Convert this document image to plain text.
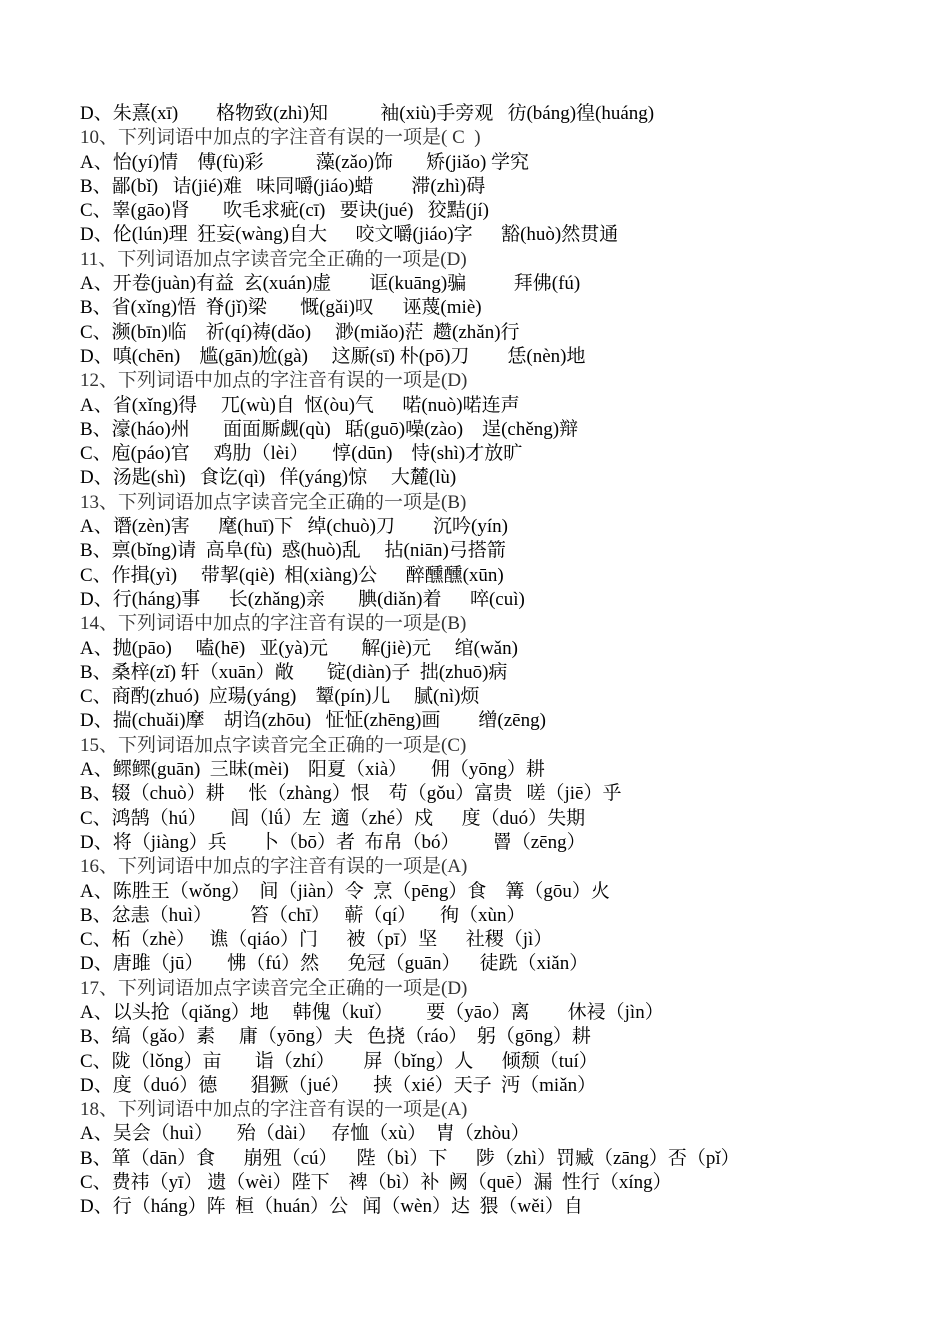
D、朱熹(xī)        格物致(zhì)知           袖(xiù)手旁观   彷(báng)徨(huáng)
10、下列词语中加点的字注音有误的一项是( C  )
A、怡(yí)情    傅(fù)彩           藻(zǎo)饰       矫(jiǎo) 学究
B、鄙(bǐ)   诘(jié)难   味同嚼(jiáo)蜡        滞(zhì)碍
C、睾(gāo)肾       吹毛求疵(cī)   要诀(jué)   狡黠(jí)
D、伦(lún)理  狂妄(wàng)自大      咬文嚼(jiáo)字      豁(huò)然贯通
11、下列词语加点字读音完全正确的一项是(D)
A、开卷(juàn)有益  玄(xuán)虚        诓(kuāng)骗          拜佛(fú)
B、省(xǐng)悟  脊(jǐ)梁       慨(gǎi)叹      诬蔑(miè)
C、濒(bīn)临    祈(qí)祷(dǎo)     渺(miǎo)茫  趱(zhǎn)行
D、嗔(chēn)    尴(gān)尬(gà)     这厮(sī) 朴(pō)刀        恁(nèn)地
12、下列词语中加点的字注音有误的一项是(D)
A、省(xǐng)得     兀(wù)自  怄(òu)气      喏(nuò)喏连声
B、濠(háo)州       面面厮觑(qù)   聒(guō)噪(zào)    逞(chěng)辩
C、庖(páo)官     鸡肋（lèi）     惇(dūn)    恃(shì)才放旷
D、汤匙(shì)   食讫(qì)   佯(yáng)惊     大麓(lù)
13、下列词语加点字读音完全正确的一项是(B)
A、谮(zèn)害      麾(huī)下   绰(chuò)刀        沉吟(yín)
B、禀(bǐng)请  高阜(fù)  惑(huò)乱     拈(niān)弓搭箭
C、作揖(yì)     带挈(qiè)  相(xiàng)公      醉醺醺(xūn)
D、行(háng)事      长(zhǎng)亲       腆(diǎn)着      啐(cuì)
14、下列词语中加点的字注音有误的一项是(B)
A、抛(pāo)     嗑(hē)   亚(yà)元       解(jiè)元     绾(wǎn)
B、桑梓(zǐ) 轩（xuān）敞       锭(diàn)子  拙(zhuō)病
C、商酌(zhuó)  应瑒(yáng)    颦(pín)儿     腻(nì)烦
D、揣(chuǎi)摩    胡诌(zhōu)   怔怔(zhēng)画        缯(zēng)
15、下列词语加点字读音完全正确的一项是(C)
A、鳏鳏(guān)  三昧(mèi)    阳夏（xià）     佣（yōng）耕
B、辍（chuò）耕     怅（zhàng）恨    苟（gǒu）富贵   嗟（jiē）乎
C、鸿鹄（hú）     闾（lǘ）左  適（zhé）戍      度（duó）失期
D、将（jiàng）兵       卜（bō）者  布帛（bó）       罾（zēng）
16、下列词语中加点的字注音有误的一项是(A)
A、陈胜王（wǒng）  间（jiàn）令  烹（pēng）食    篝（gōu）火
B、忿恚（huì）        笞（chī）   蕲（qí）     徇（xùn）
C、柘（zhè）   谯（qiáo）门      被（pī）坚      社稷（jì）
D、唐雎（jū）     怫（fú）然      免冠（guān）    徒跣（xiǎn）
17、下列词语加点字读音完全正确的一项是(D)
A、以头抢（qiǎng）地     韩傀（kuǐ）       要（yāo）离        休祲（jìn）
B、缟（gǎo）素     庸（yōng）夫   色挠（ráo）  躬（gōng）耕
C、陇（lǒng）亩       诣（zhí）      屏（bǐng）人      倾颓（tuí）
D、度（duó）德       猖獗（jué）     挟（xié）天子  沔（miǎn）
18、下列词语中加点的字注音有误的一项是(A)
A、吴会（huì）     殆（dài）   存恤（xù）  胄（zhòu）
B、箪（dān）食      崩殂（cú）    陛（bì）下      陟（zhì）罚臧（zāng）否（pǐ）
C、费祎（yī） 遗（wèi）陛下    裨（bì）补  阙（quē）漏  性行（xíng）
D、行（háng）阵  桓（huán）公   闻（wèn）达  猥（wěi）自
